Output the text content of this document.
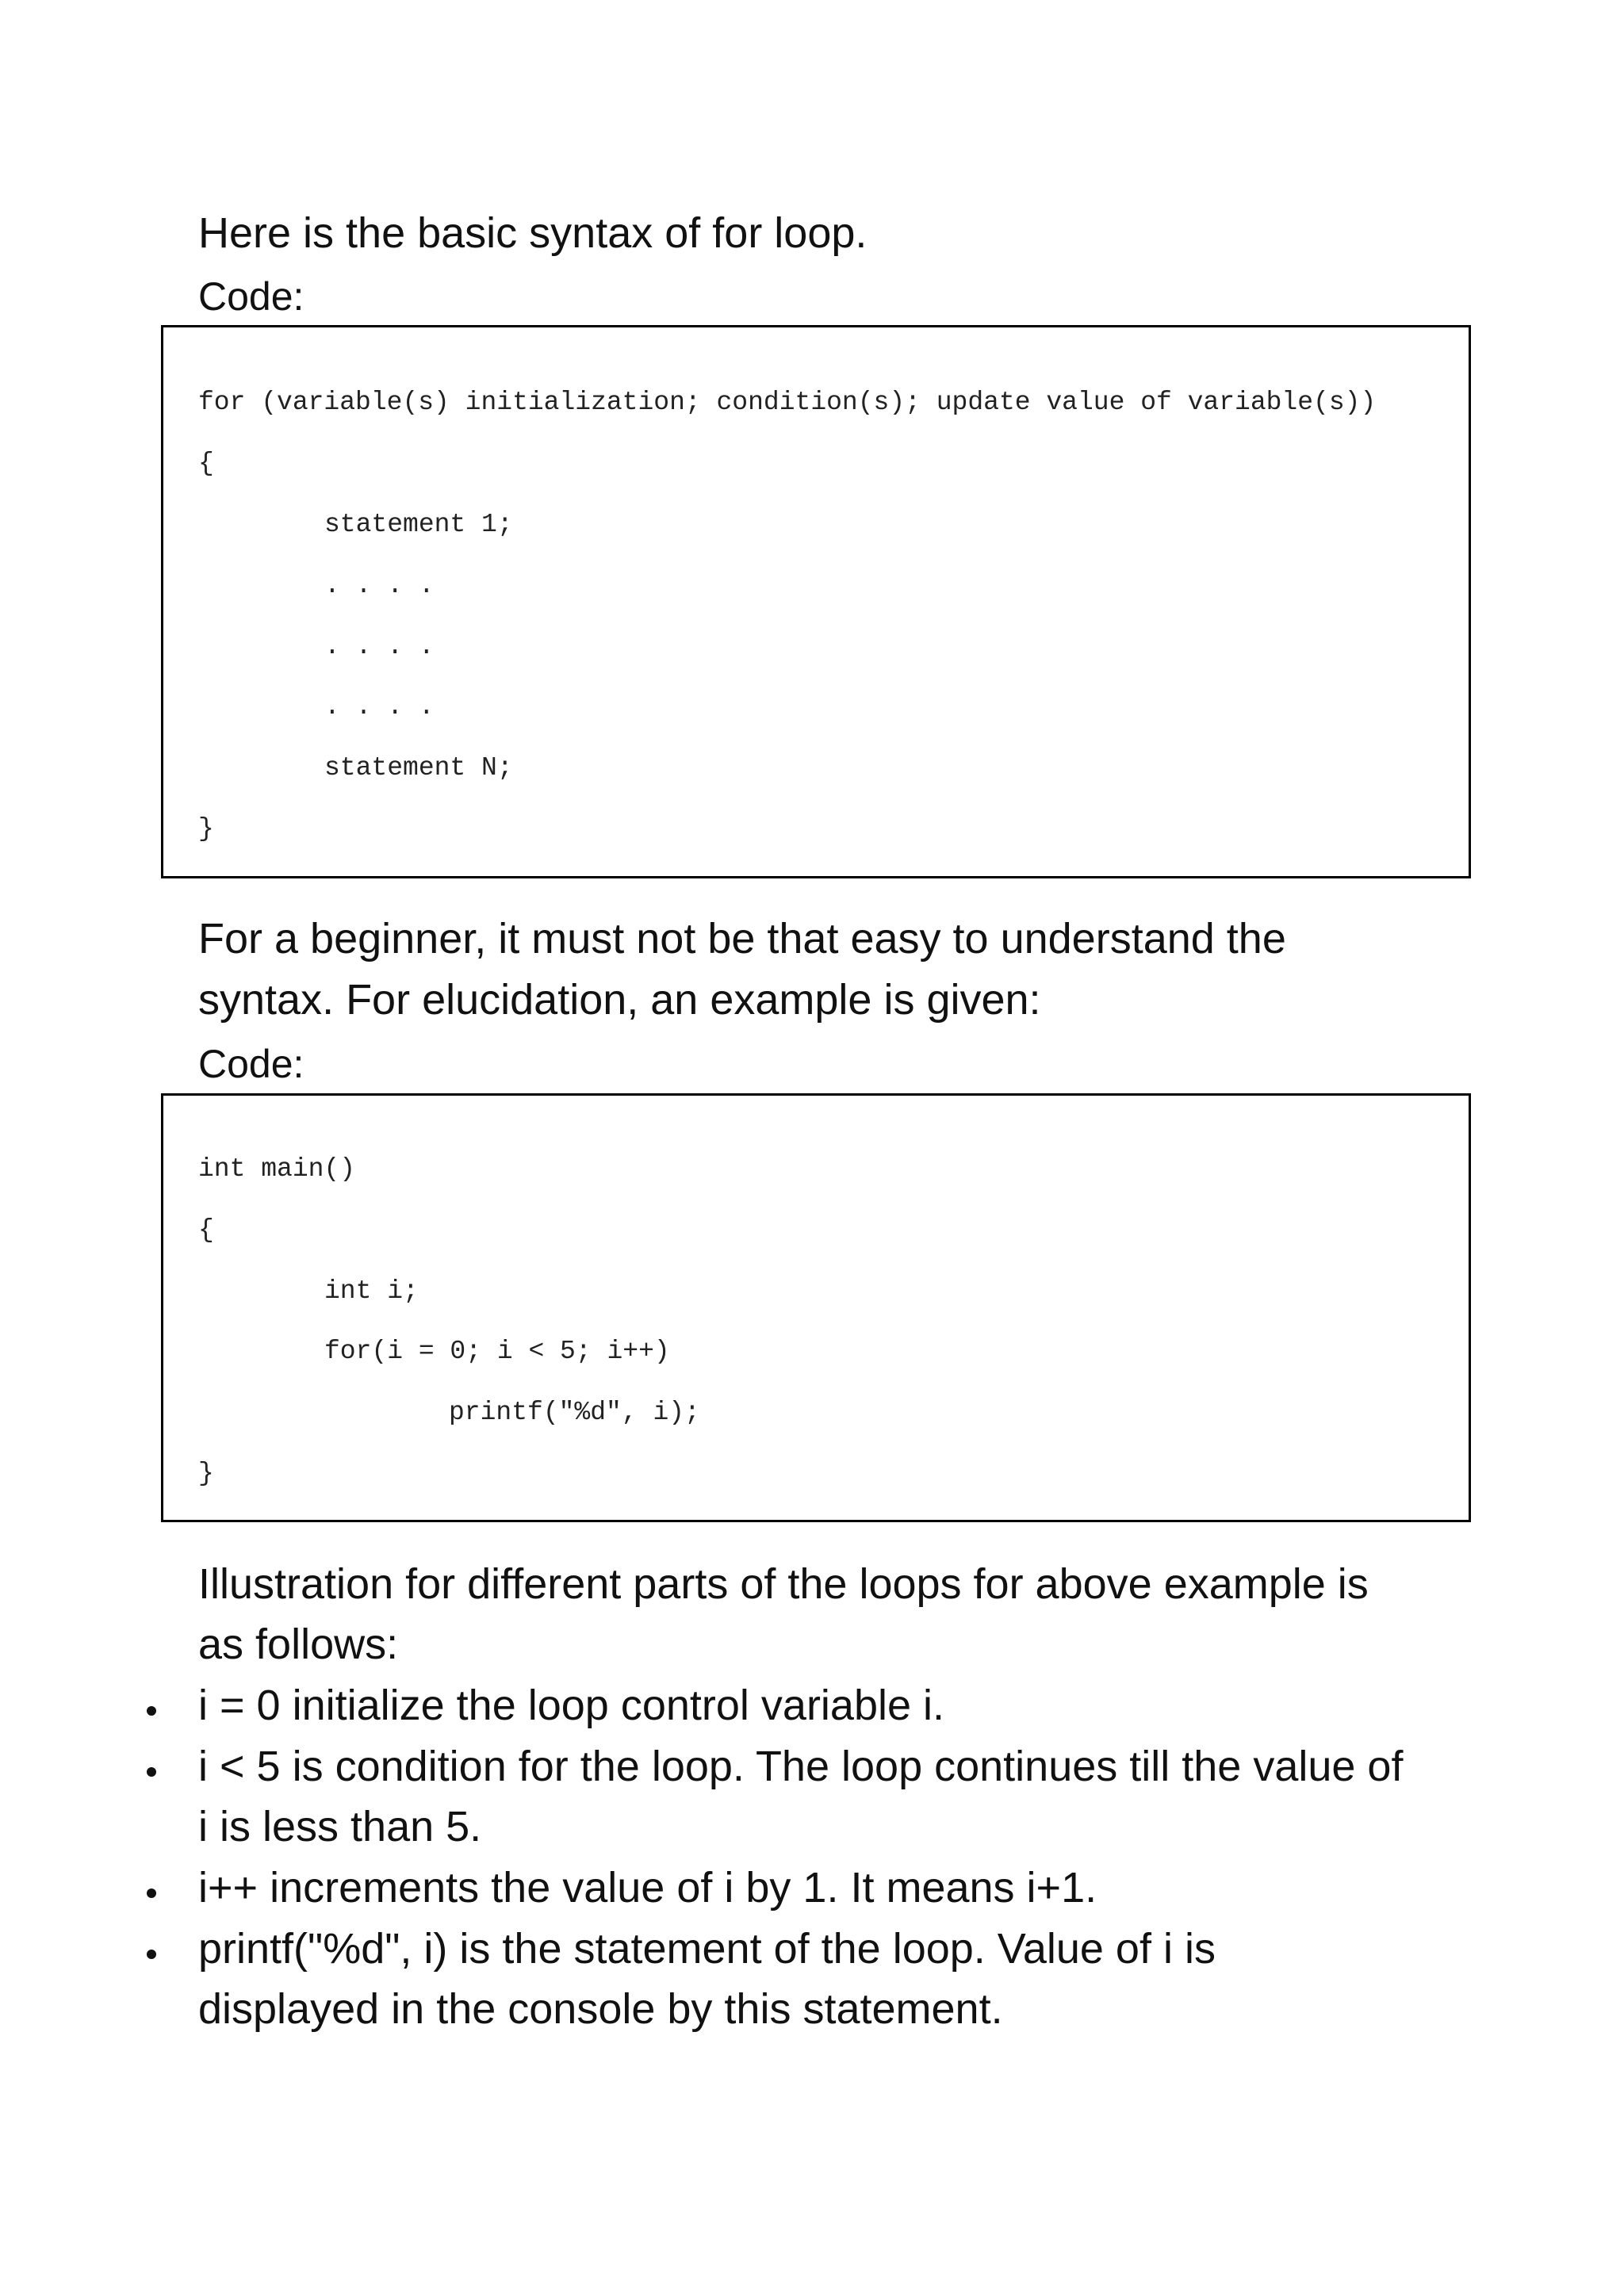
Here is the basic syntax of for loop.
Code:
for (variable(s) initialization; condition(s); update value of variable(s))
{
statement 1;
. . . .
. . . .
. . . .
statement N;
}
For a beginner, it must not be that easy to understand the
syntax. For elucidation, an example is given:
Code:
int main()
{
int i;
for(i = 0; i < 5; i++)
printf("%d", i);
}
Illustration for different parts of the loops for above example is
as follows:
i = 0 initialize the loop control variable i.
i < 5 is condition for the loop. The loop continues till the value of
i is less than 5.
i++ increments the value of i by 1. It means i+1.
printf("%d", i) is the statement of the loop. Value of i is
displayed in the console by this statement.
